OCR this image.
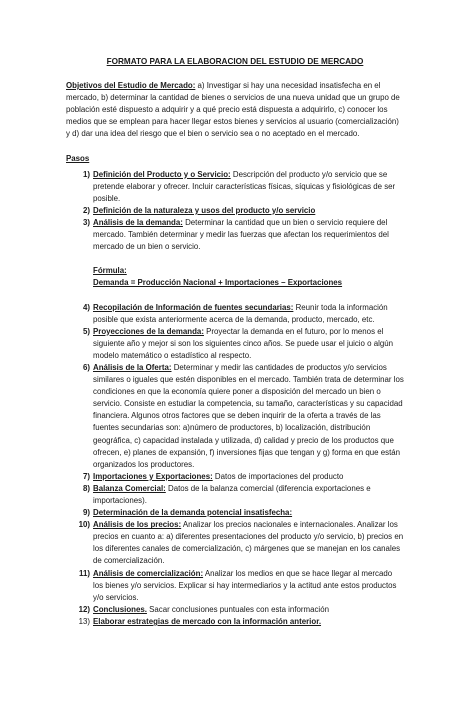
FORMATO PARA LA ELABORACION DEL ESTUDIO DE MERCADO
Objetivos del Estudio de Mercado: a) Investigar si hay una necesidad insatisfecha en el mercado, b) determinar la cantidad de bienes o servicios de una nueva unidad que un grupo de población esté dispuesto a adquirir y a qué precio está dispuesta a adquirirlo, c) conocer los medios que se emplean para hacer llegar estos bienes y servicios al usuario (comercialización) y d) dar una idea del riesgo que el bien o servicio sea o no aceptado en el mercado.
Pasos
1) Definición del Producto y o Servicio: Descripción del producto y/o servicio que se pretende elaborar y ofrecer. Incluir características físicas, síquicas y fisiológicas de ser posible.
2) Definición de la naturaleza y usos del producto y/o servicio
3) Análisis de la demanda: Determinar la cantidad que un bien o servicio requiere del mercado. También determinar y medir las fuerzas que afectan los requerimientos del mercado de un bien o servicio.
Fórmula:
Demanda = Producción Nacional + Importaciones – Exportaciones
4) Recopilación de Información de fuentes secundarias: Reunir toda la información posible que exista anteriormente acerca de la demanda, producto, mercado, etc.
5) Proyecciones de la demanda: Proyectar la demanda en el futuro, por lo menos el siguiente año y mejor si son los siguientes cinco años. Se puede usar el juicio o algún modelo matemático o estadístico al respecto.
6) Análisis de la Oferta: Determinar y medir las cantidades de productos y/o servicios similares o iguales que estén disponibles en el mercado. También trata de determinar los condiciones en que la economía quiere poner a disposición del mercado un bien o servicio. Consiste en estudiar la competencia, su tamaño, características y su capacidad financiera. Algunos otros factores que se deben inquirir de la oferta a través de las fuentes secundarias son: a)número de productores, b) localización, distribución geográfica, c) capacidad instalada y utilizada, d) calidad y precio de los productos que ofrecen, e) planes de expansión, f) inversiones fijas que tengan y g) forma en que están organizados los productores.
7) Importaciones y Exportaciones: Datos de importaciones del producto
8) Balanza Comercial: Datos de la balanza comercial (diferencia exportaciones e importaciones).
9) Determinación de la demanda potencial insatisfecha:
10) Análisis de los precios: Analizar los precios nacionales e internacionales. Analizar los precios en cuanto a: a) diferentes presentaciones del producto y/o servicio, b) precios en los diferentes canales de comercialización, c) márgenes que se manejan en los canales de comercialización.
11) Análisis de comercialización: Analizar los medios en que se hace llegar al mercado los bienes y/o servicios. Explicar si hay intermediarios y la actitud ante estos productos y/o servicios.
12) Conclusiones. Sacar conclusiones puntuales con esta información
13) Elaborar estrategias de mercado con la información anterior.
